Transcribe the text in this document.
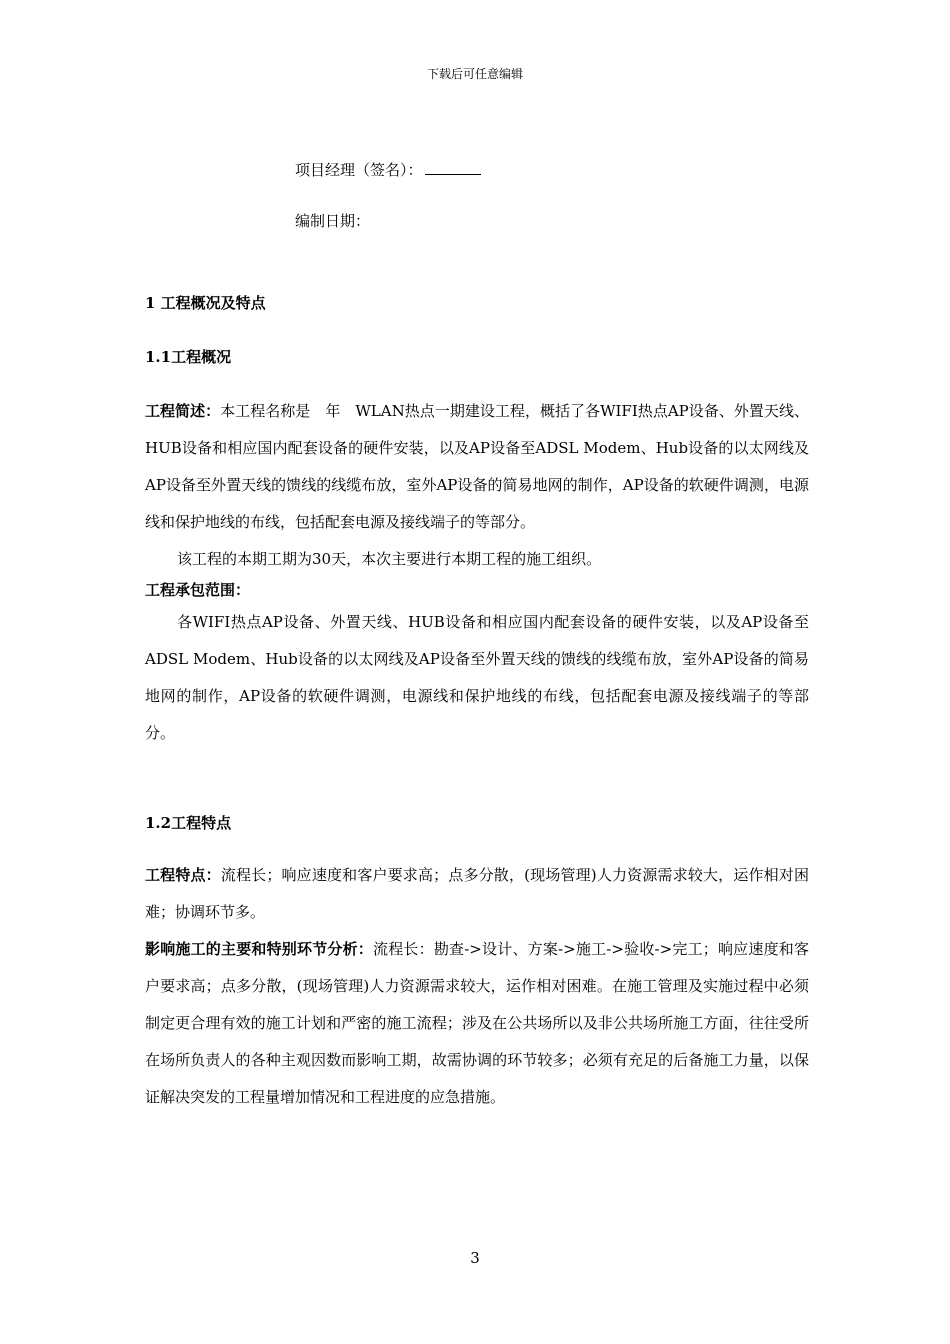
下载后可任意编辑
项目经理（签名）：
编制日期：
1 工程概况及特点
1.1工程概况
工程简述：本工程名称是　年　WLAN热点一期建设工程，概括了各WIFI热点AP设备、外置天线、HUB设备和相应国内配套设备的硬件安装，以及AP设备至ADSL Modem、Hub设备的以太网线及AP设备至外置天线的馈线的线缆布放，室外AP设备的简易地网的制作，AP设备的软硬件调测，电源线和保护地线的布线，包括配套电源及接线端子的等部分。
该工程的本期工期为30天，本次主要进行本期工程的施工组织。
工程承包范围：
各WIFI热点AP设备、外置天线、HUB设备和相应国内配套设备的硬件安装，以及AP设备至ADSL Modem、Hub设备的以太网线及AP设备至外置天线的馈线的线缆布放，室外AP设备的简易地网的制作，AP设备的软硬件调测，电源线和保护地线的布线，包括配套电源及接线端子的等部分。
1.2工程特点
工程特点：流程长；响应速度和客户要求高；点多分散，(现场管理)人力资源需求较大，运作相对困难；协调环节多。
影响施工的主要和特别环节分析：流程长：勘查->设计、方案->施工->验收->完工；响应速度和客户要求高；点多分散，(现场管理)人力资源需求较大，运作相对困难。在施工管理及实施过程中必须制定更合理有效的施工计划和严密的施工流程；涉及在公共场所以及非公共场所施工方面，往往受所在场所负责人的各种主观因数而影响工期，故需协调的环节较多；必须有充足的后备施工力量，以保证解决突发的工程量增加情况和工程进度的应急措施。
3
